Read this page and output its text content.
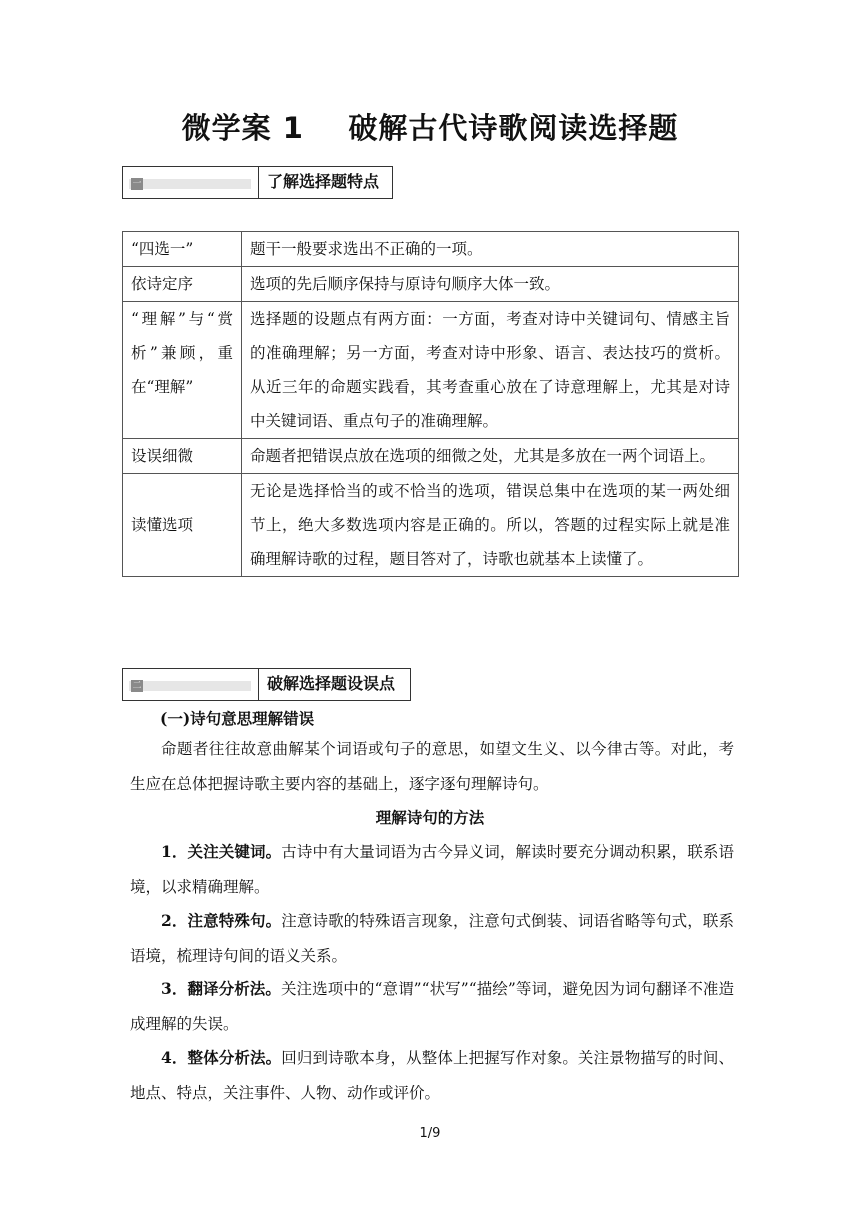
微学案 1    破解古代诗歌阅读选择题
一	了解选择题特点
“四选一”	题干一般要求选出不正确的一项。
依诗定序	选项的先后顺序保持与原诗句顺序大体一致。
“理解”与“赏析”兼顾，重在“理解”	选择题的设题点有两方面：一方面，考查对诗中关键词句、情感主旨的准确理解；另一方面，考查对诗中形象、语言、表达技巧的赏析。从近三年的命题实践看，其考查重心放在了诗意理解上，尤其是对诗中关键词语、重点句子的准确理解。
设误细微	命题者把错误点放在选项的细微之处，尤其是多放在一两个词语上。
读懂选项	无论是选择恰当的或不恰当的选项，错误总集中在选项的某一两处细节上，绝大多数选项内容是正确的。所以，答题的过程实际上就是准确理解诗歌的过程，题目答对了，诗歌也就基本上读懂了。
二	破解选择题设误点
(一)诗句意思理解错误

命题者往往故意曲解某个词语或句子的意思，如望文生义、以今律古等。对此，考生应在总体把握诗歌主要内容的基础上，逐字逐句理解诗句。

理解诗句的方法

1．关注关键词。古诗中有大量词语为古今异义词，解读时要充分调动积累，联系语境，以求精确理解。

2．注意特殊句。注意诗歌的特殊语言现象，注意句式倒装、词语省略等句式，联系语境，梳理诗句间的语义关系。

3．翻译分析法。关注选项中的“意谓”“状写”“描绘”等词，避免因为词句翻译不准造成理解的失误。

4．整体分析法。回归到诗歌本身，从整体上把握写作对象。关注景物描写的时间、地点、特点，关注事件、人物、动作或评价。

1/9
